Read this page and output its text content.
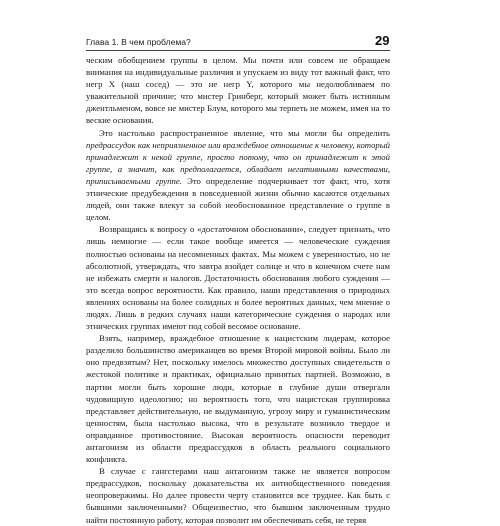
Глава 1. В чем проблема?	29

ческим обобщением группы в целом. Мы почти или совсем не обращаем внимания на индивидуальные различия и упускаем из виду тот важный факт, что негр X (наш сосед) — это не негр Y, которого мы недолюбливаем по уважительной причине; что мистер Гринберг, который может быть истинным джентльменом, вовсе не мистер Блум, которого мы терпеть не можем, имея на то веские основания.

Это настолько распространенное явление, что мы могли бы определить предрассудок как неприязненное или враждебное отношение к человеку, который принадлежит к некой группе, просто потому, что он принадлежит к этой группе, а значит, как предполагается, обладает негативными качествами, приписываемыми группе. Это определение подчеркивает тот факт, что, хотя этнические предубеждения в повседневной жизни обычно касаются отдельных людей, они также влекут за собой необоснованное представление о группе в целом.

Возвращаясь к вопросу о «достаточном обосновании», следует признать, что лишь немногие — если такое вообще имеется — человеческие суждения полностью основаны на несомненных фактах. Мы можем с уверенностью, но не абсолютной, утверждать, что завтра взойдет солнце и что в конечном счете нам не избежать смерти и налогов. Достаточность обоснования любого суждения — это всегда вопрос вероятности. Как правило, наши представления о природных явлениях основаны на более солидных и более вероятных данных, чем мнение о людях. Лишь в редких случаях наши категорические суждения о народах или этнических группах имеют под собой весомое основание.

Взять, например, враждебное отношение к нацистским лидерам, которое разделило большинство американцев во время Второй мировой войны. Было ли оно предвзятым? Нет, поскольку имелось множество доступных свидетельств о жестокой политике и практиках, официально принятых партией. Возможно, в партии могли быть хорошие люди, которые в глубине души отвергали чудовищную идеологию; но вероятность того, что нацистская группировка представляет действительную, не выдуманную, угрозу миру и гуманистическим ценностям, была настолько высока, что в результате возникло твердое и оправданное противостояние. Высокая вероятность опасности переводит антагонизм из области предрассудков в область реального социального конфликта.

В случае с гангстерами наш антагонизм также не является вопросом предрассудков, поскольку доказательства их антиобщественного поведения неопровержимы. Но далее провести черту становится все труднее. Как быть с бывшими заключенными? Общеизвестно, что бывшим заключенным трудно найти постоянную работу, которая позволит им обеспечивать себя, не теряя
